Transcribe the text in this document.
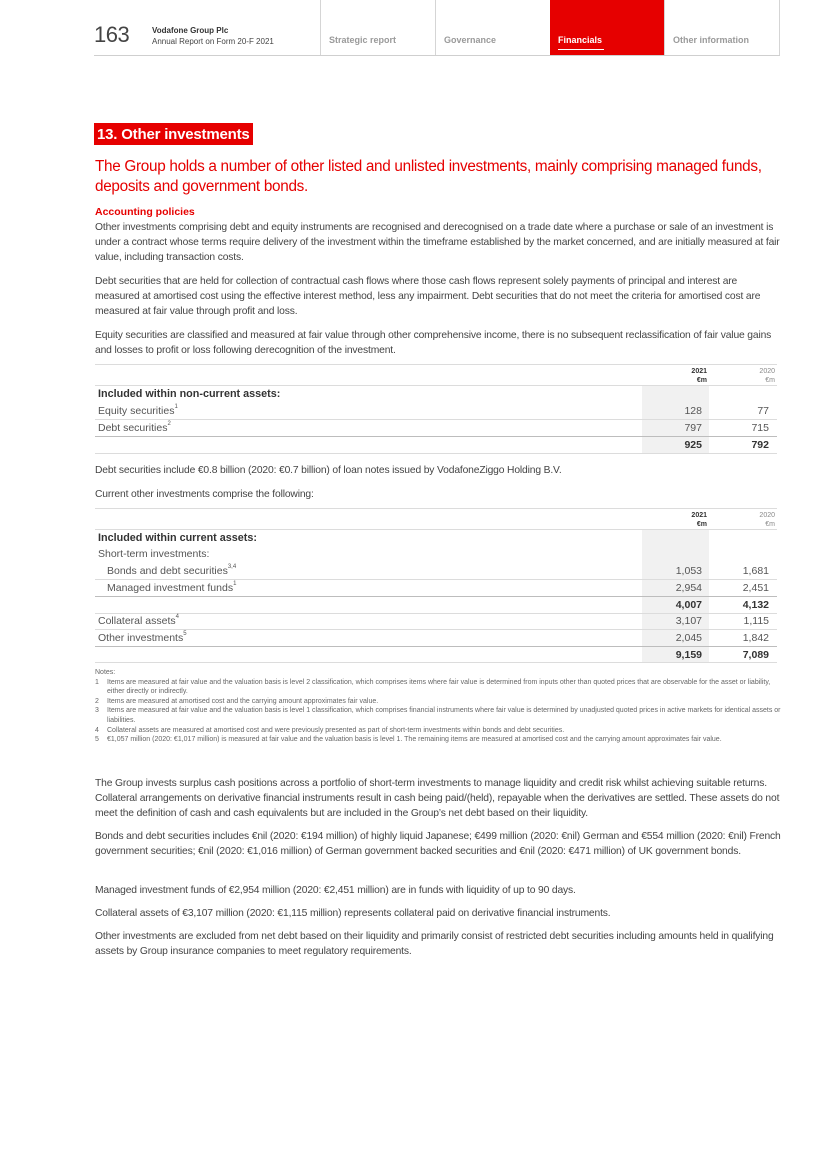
163	Vodafone Group Plc
Annual Report on Form 20-F 2021	Strategic report	Governance	Financials	Other information
13. Other investments
The Group holds a number of other listed and unlisted investments, mainly comprising managed funds, deposits and government bonds.
Accounting policies
Other investments comprising debt and equity instruments are recognised and derecognised on a trade date where a purchase or sale of an investment is under a contract whose terms require delivery of the investment within the timeframe established by the market concerned, and are initially measured at fair value, including transaction costs.
Debt securities that are held for collection of contractual cash flows where those cash flows represent solely payments of principal and interest are measured at amortised cost using the effective interest method, less any impairment. Debt securities that do not meet the criteria for amortised cost are measured at fair value through profit and loss.
Equity securities are classified and measured at fair value through other comprehensive income, there is no subsequent reclassification of fair value gains and losses to profit or loss following derecognition of the investment.
2021
€m
2020
€m
Included within non-current assets:
Equity securities$^1$	128	77
Debt securities$^2$	797	715
925	792
Debt securities include €0.8 billion (2020: €0.7 billion) of loan notes issued by VodafoneZiggo Holding B.V.
Current other investments comprise the following:
2021
€m
2020
€m
Included within current assets:
Short-term investments:
Bonds and debt securities$^{3,4}$	1,053	1,681
Managed investment funds$^1$	2,954	2,451
4,007	4,132
Collateral assets$^4$	3,107	1,115
Other investments$^5$	2,045	1,842
9,159	7,089
Notes:
1 Items are measured at fair value and the valuation basis is level 2 classification, which comprises items where fair value is determined from inputs other than quoted prices that are observable for the asset or liability, either directly or indirectly.
2 Items are measured at amortised cost and the carrying amount approximates fair value.
3 Items are measured at fair value and the valuation basis is level 1 classification, which comprises financial instruments where fair value is determined by unadjusted quoted prices in active markets for identical assets or liabilities.
4 Collateral assets are measured at amortised cost and were previously presented as part of short-term investments within bonds and debt securities.
5 €1,057 million (2020: €1,017 million) is measured at fair value and the valuation basis is level 1. The remaining items are measured at amortised cost and the carrying amount approximates fair value.
The Group invests surplus cash positions across a portfolio of short-term investments to manage liquidity and credit risk whilst achieving suitable returns. Collateral arrangements on derivative financial instruments result in cash being paid/(held), repayable when the derivatives are settled. These assets do not meet the definition of cash and cash equivalents but are included in the Group’s net debt based on their liquidity.
Bonds and debt securities includes €nil (2020: €194 million) of highly liquid Japanese; €499 million (2020: €nil) German and €554 million (2020: €nil) French government securities; €nil (2020: €1,016 million) of German government backed securities and €nil (2020: €471 million) of UK government bonds.
Managed investment funds of €2,954 million (2020: €2,451 million) are in funds with liquidity of up to 90 days.
Collateral assets of €3,107 million (2020: €1,115 million) represents collateral paid on derivative financial instruments.
Other investments are excluded from net debt based on their liquidity and primarily consist of restricted debt securities including amounts held in qualifying assets by Group insurance companies to meet regulatory requirements.
